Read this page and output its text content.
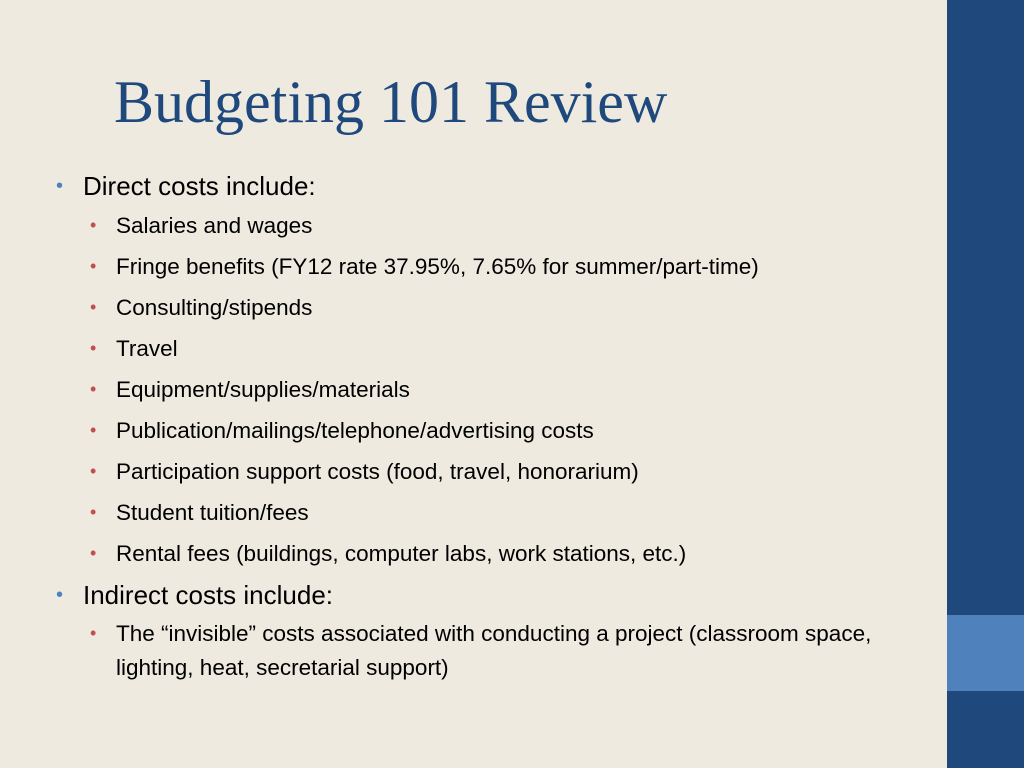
Budgeting 101 Review
• Direct costs include:
• Salaries and wages
• Fringe benefits (FY12 rate 37.95%, 7.65% for summer/part-time)
• Consulting/stipends
• Travel
• Equipment/supplies/materials
• Publication/mailings/telephone/advertising costs
• Participation support costs (food, travel, honorarium)
• Student tuition/fees
• Rental fees (buildings, computer labs, work stations, etc.)
• Indirect costs include:
• The “invisible” costs associated with conducting a project (classroom space, lighting, heat, secretarial support)
